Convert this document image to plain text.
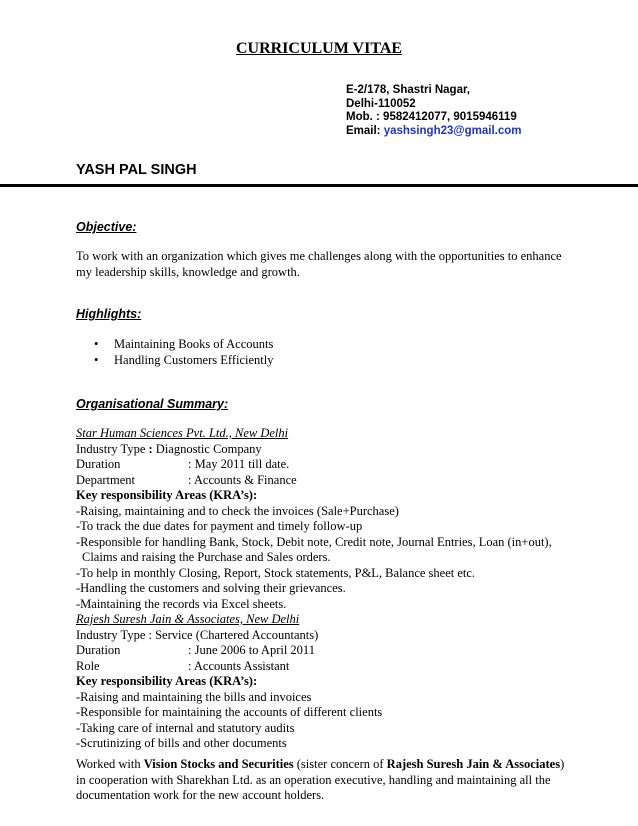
CURRICULUM VITAE
E-2/178, Shastri Nagar,
Delhi-110052
Mob. : 9582412077, 9015946119
Email: yashsingh23@gmail.com
YASH PAL SINGH
Objective:
To work with an organization which gives me challenges along with the opportunities to enhance my leadership skills, knowledge and growth.
Highlights:
• Maintaining Books of Accounts
• Handling Customers Efficiently
Organisational Summary:
Star Human Sciences Pvt. Ltd., New Delhi
Industry Type : Diagnostic Company
Duration	: May 2011 till date.
Department	: Accounts & Finance
Key responsibility Areas (KRA’s):
-Raising, maintaining and to check the invoices (Sale+Purchase)
-To track the due dates for payment and timely follow-up
-Responsible for handling Bank, Stock, Debit note, Credit note, Journal Entries, Loan (in+out),
Claims and raising the Purchase and Sales orders.
-To help in monthly Closing, Report, Stock statements, P&L, Balance sheet etc.
-Handling the customers and solving their grievances.
-Maintaining the records via Excel sheets.
Rajesh Suresh Jain & Associates, New Delhi
Industry Type : Service (Chartered Accountants)
Duration	: June 2006 to April 2011
Role	: Accounts Assistant
Key responsibility Areas (KRA’s):
-Raising and maintaining the bills and invoices
-Responsible for maintaining the accounts of different clients
-Taking care of internal and statutory audits
-Scrutinizing of bills and other documents

Worked with Vision Stocks and Securities (sister concern of Rajesh Suresh Jain & Associates) in cooperation with Sharekhan Ltd. as an operation executive, handling and maintaining all the documentation work for the new account holders.
